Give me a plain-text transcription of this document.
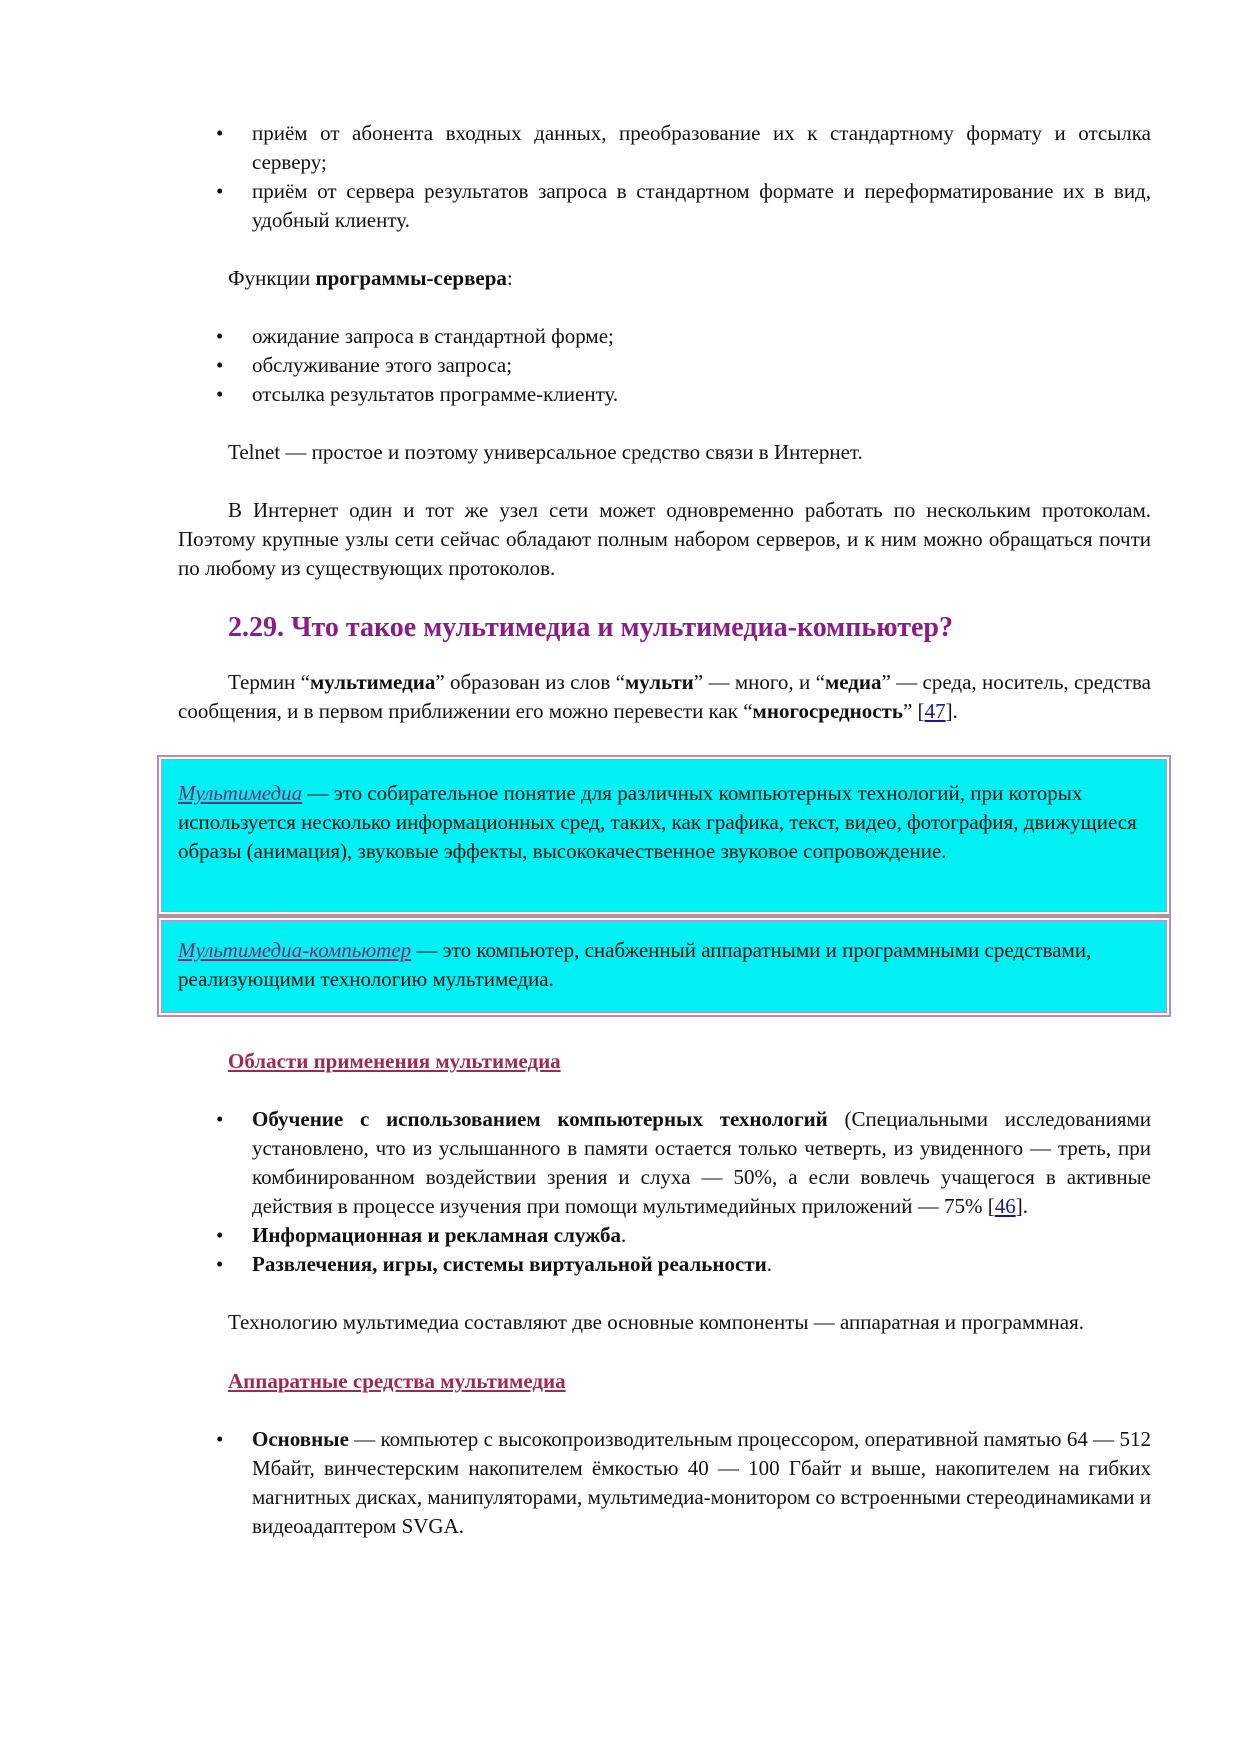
• приём от абонента входных данных, преобразование их к стандартному формату и отсылка серверу;
• приём от сервера результатов запроса в стандартном формате и переформатирование их в вид, удобный клиенту.

Функции программы-сервера:

• ожидание запроса в стандартной форме;
• обслуживание этого запроса;
• отсылка результатов программе-клиенту.

Telnet — простое и поэтому универсальное средство связи в Интернет.

В Интернет один и тот же узел сети может одновременно работать по нескольким протоколам. Поэтому крупные узлы сети сейчас обладают полным набором серверов, и к ним можно обращаться почти по любому из существующих протоколов.

2.29. Что такое мультимедиа и мультимедиа-компьютер?

Термин “мультимедиа” образован из слов “мульти” — много, и “медиа” — среда, носитель, средства сообщения, и в первом приближении его можно перевести как “многосредность” [47].

Мультимедиа — это собирательное понятие для различных компьютерных технологий, при которых используется несколько информационных сред, таких, как графика, текст, видео, фотография, движущиеся образы (анимация), звуковые эффекты, высококачественное звуковое сопровождение.
Мультимедиа-компьютер — это компьютер, снабженный аппаратными и программными средствами, реализующими технологию мультимедиа.
Области применения мультимедиа
• Обучение с использованием компьютерных технологий (Специальными исследованиями установлено, что из услышанного в памяти остается только четверть, из увиденного — треть, при комбинированном воздействии зрения и слуха — 50%, а если вовлечь учащегося в активные действия в процессе изучения при помощи мультимедийных приложений — 75% [46].
• Информационная и рекламная служба.
• Развлечения, игры, системы виртуальной реальности.

Технологию мультимедиа составляют две основные компоненты — аппаратная и программная.

Аппаратные средства мультимедиа
• Основные — компьютер с высокопроизводительным процессором, оперативной памятью 64 — 512 Мбайт, винчестерским накопителем ёмкостью 40 — 100 Гбайт и выше, накопителем на гибких магнитных дисках, манипуляторами, мультимедиа-монитором со встроенными стереодинамиками и видеоадаптером SVGA.
